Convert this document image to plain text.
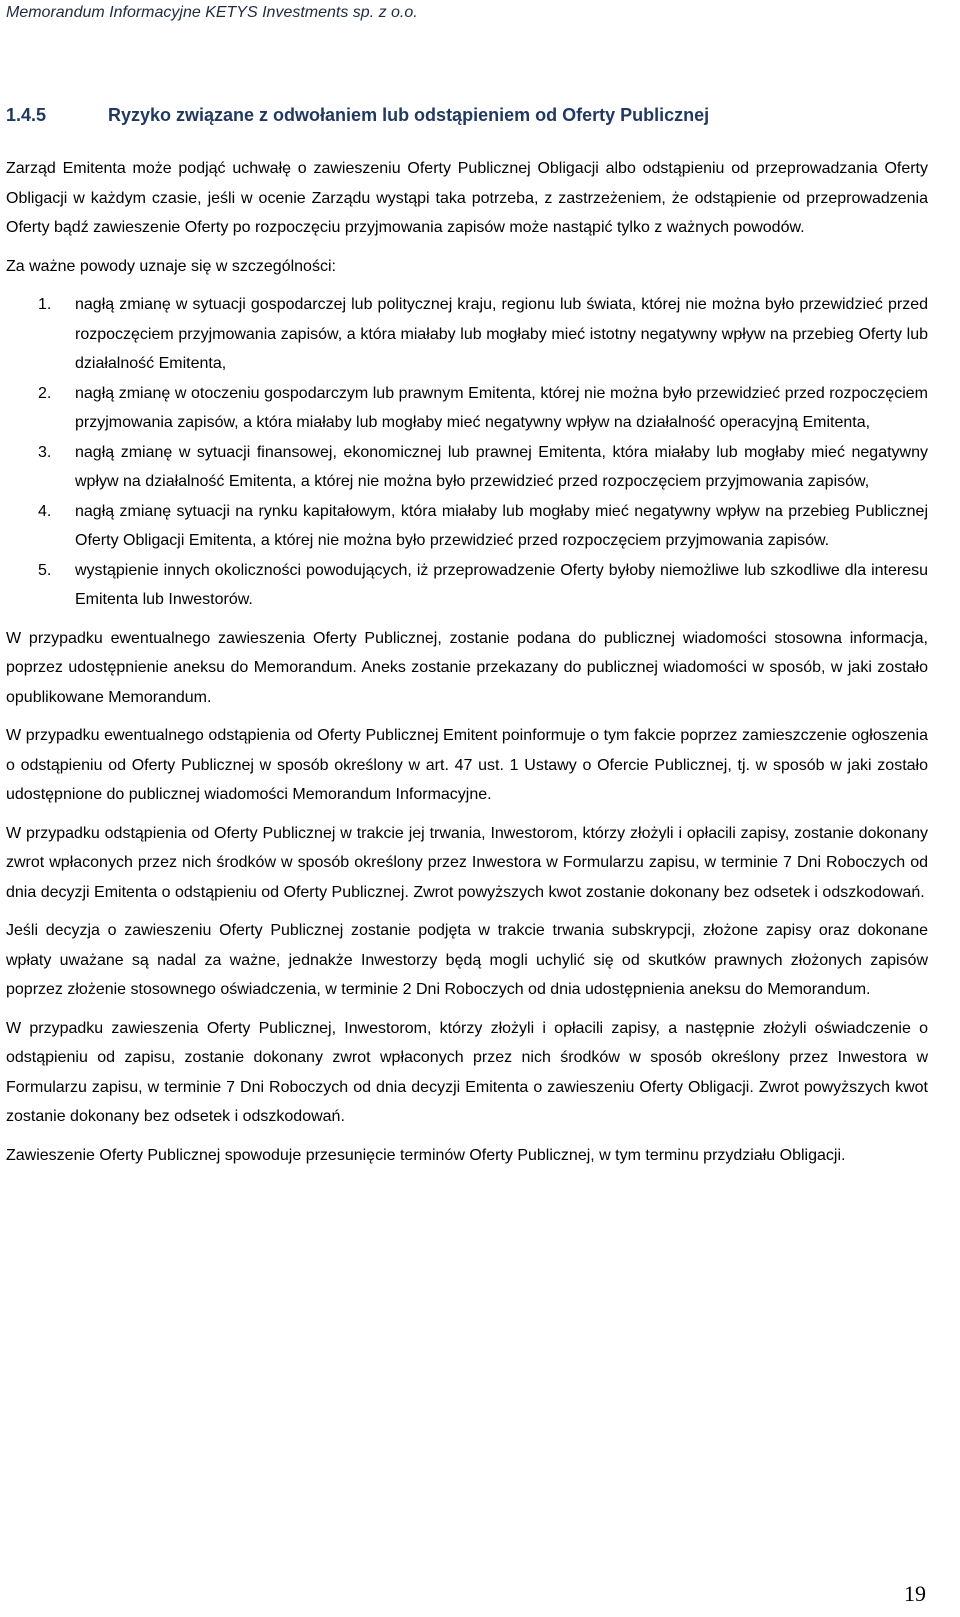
Memorandum Informacyjne KETYS Investments sp. z o.o.
1.4.5	Ryzyko związane z odwołaniem lub odstąpieniem od Oferty Publicznej

Zarząd Emitenta może podjąć uchwałę o zawieszeniu Oferty Publicznej Obligacji albo odstąpieniu od przeprowadzania Oferty Obligacji w każdym czasie, jeśli w ocenie Zarządu wystąpi taka potrzeba, z zastrzeżeniem, że odstąpienie od przeprowadzenia Oferty bądź zawieszenie Oferty po rozpoczęciu przyjmowania zapisów może nastąpić tylko z ważnych powodów.

Za ważne powody uznaje się w szczególności:

1. nagłą zmianę w sytuacji gospodarczej lub politycznej kraju, regionu lub świata, której nie można było przewidzieć przed rozpoczęciem przyjmowania zapisów, a która miałaby lub mogłaby mieć istotny negatywny wpływ na przebieg Oferty lub działalność Emitenta,
2. nagłą zmianę w otoczeniu gospodarczym lub prawnym Emitenta, której nie można było przewidzieć przed rozpoczęciem przyjmowania zapisów, a która miałaby lub mogłaby mieć negatywny wpływ na działalność operacyjną Emitenta,
3. nagłą zmianę w sytuacji finansowej, ekonomicznej lub prawnej Emitenta, która miałaby lub mogłaby mieć negatywny wpływ na działalność Emitenta, a której nie można było przewidzieć przed rozpoczęciem przyjmowania zapisów,
4. nagłą zmianę sytuacji na rynku kapitałowym, która miałaby lub mogłaby mieć negatywny wpływ na przebieg Publicznej Oferty Obligacji Emitenta, a której nie można było przewidzieć przed rozpoczęciem przyjmowania zapisów.
5. wystąpienie innych okoliczności powodujących, iż przeprowadzenie Oferty byłoby niemożliwe lub szkodliwe dla interesu Emitenta lub Inwestorów.

W przypadku ewentualnego zawieszenia Oferty Publicznej, zostanie podana do publicznej wiadomości stosowna informacja, poprzez udostępnienie aneksu do Memorandum. Aneks zostanie przekazany do publicznej wiadomości w sposób, w jaki zostało opublikowane Memorandum.

W przypadku ewentualnego odstąpienia od Oferty Publicznej Emitent poinformuje o tym fakcie poprzez zamieszczenie ogłoszenia o odstąpieniu od Oferty Publicznej w sposób określony w art. 47 ust. 1 Ustawy o Ofercie Publicznej, tj. w sposób w jaki zostało udostępnione do publicznej wiadomości Memorandum Informacyjne.

W przypadku odstąpienia od Oferty Publicznej w trakcie jej trwania, Inwestorom, którzy złożyli i opłacili zapisy, zostanie dokonany zwrot wpłaconych przez nich środków w sposób określony przez Inwestora w Formularzu zapisu, w terminie 7 Dni Roboczych od dnia decyzji Emitenta o odstąpieniu od Oferty Publicznej. Zwrot powyższych kwot zostanie dokonany bez odsetek i odszkodowań.

Jeśli decyzja o zawieszeniu Oferty Publicznej zostanie podjęta w trakcie trwania subskrypcji, złożone zapisy oraz dokonane wpłaty uważane są nadal za ważne, jednakże Inwestorzy będą mogli uchylić się od skutków prawnych złożonych zapisów poprzez złożenie stosownego oświadczenia, w terminie 2 Dni Roboczych od dnia udostępnienia aneksu do Memorandum.

W przypadku zawieszenia Oferty Publicznej, Inwestorom, którzy złożyli i opłacili zapisy, a następnie złożyli oświadczenie o odstąpieniu od zapisu, zostanie dokonany zwrot wpłaconych przez nich środków w sposób określony przez Inwestora w Formularzu zapisu, w terminie 7 Dni Roboczych od dnia decyzji Emitenta o zawieszeniu Oferty Obligacji. Zwrot powyższych kwot zostanie dokonany bez odsetek i odszkodowań.

Zawieszenie Oferty Publicznej spowoduje przesunięcie terminów Oferty Publicznej, w tym terminu przydziału Obligacji.

19
